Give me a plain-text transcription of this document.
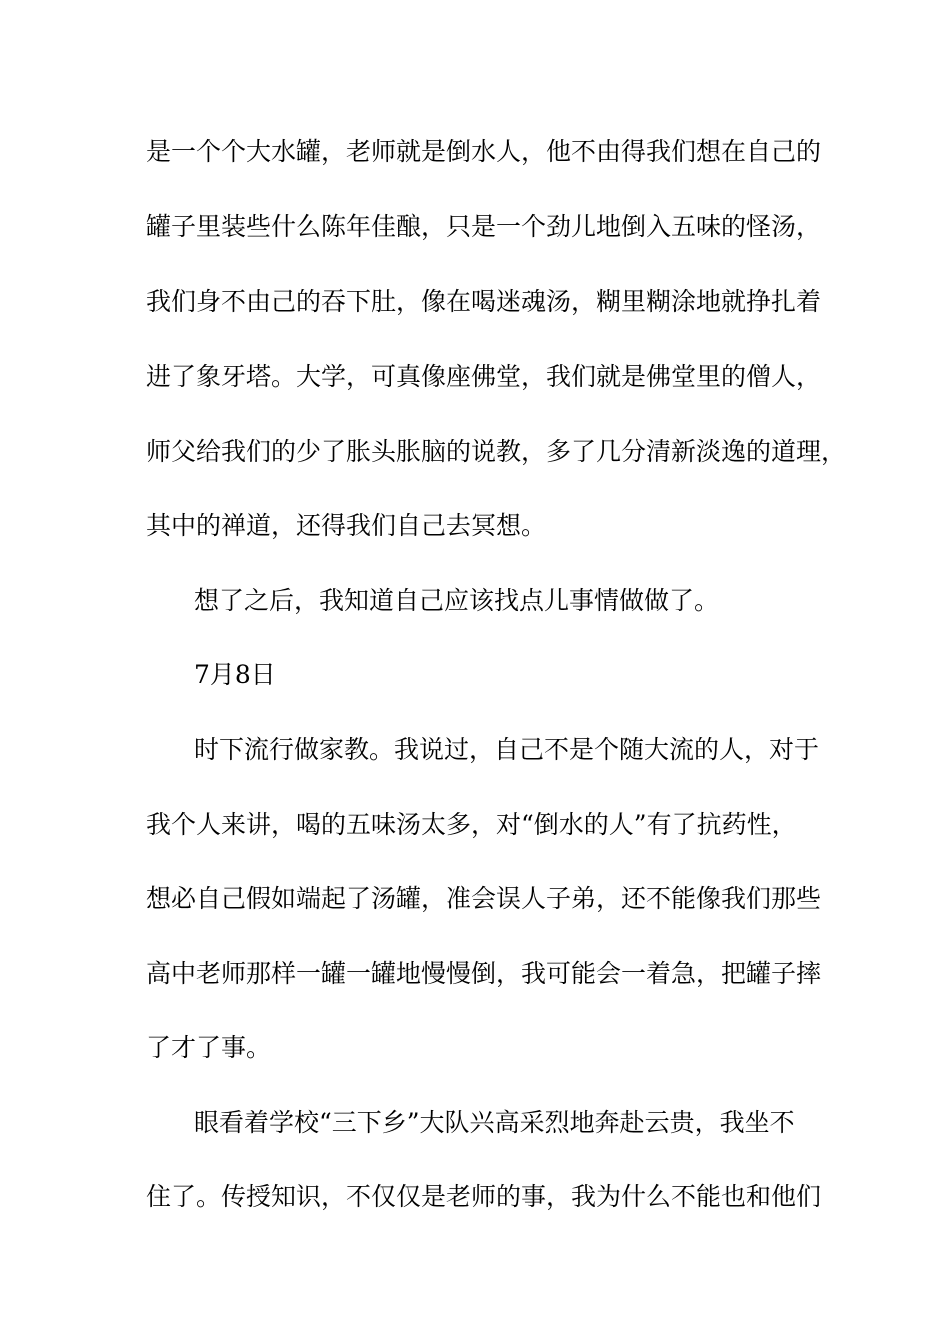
是一个个大水罐，老师就是倒水人，他不由得我们想在自己的
罐子里装些什么陈年佳酿，只是一个劲儿地倒入五味的怪汤，
我们身不由己的吞下肚，像在喝迷魂汤，糊里糊涂地就挣扎着
进了象牙塔。大学，可真像座佛堂，我们就是佛堂里的僧人，
师父给我们的少了胀头胀脑的说教，多了几分清新淡逸的道理，
其中的禅道，还得我们自己去冥想。
想了之后，我知道自己应该找点儿事情做做了。
7月8日
时下流行做家教。我说过，自己不是个随大流的人，对于
我个人来讲，喝的五味汤太多，对“倒水的人”有了抗药性，
想必自己假如端起了汤罐，准会误人子弟，还不能像我们那些
高中老师那样一罐一罐地慢慢倒，我可能会一着急，把罐子摔
了才了事。
眼看着学校“三下乡”大队兴高采烈地奔赴云贵，我坐不
住了。传授知识，不仅仅是老师的事，我为什么不能也和他们
